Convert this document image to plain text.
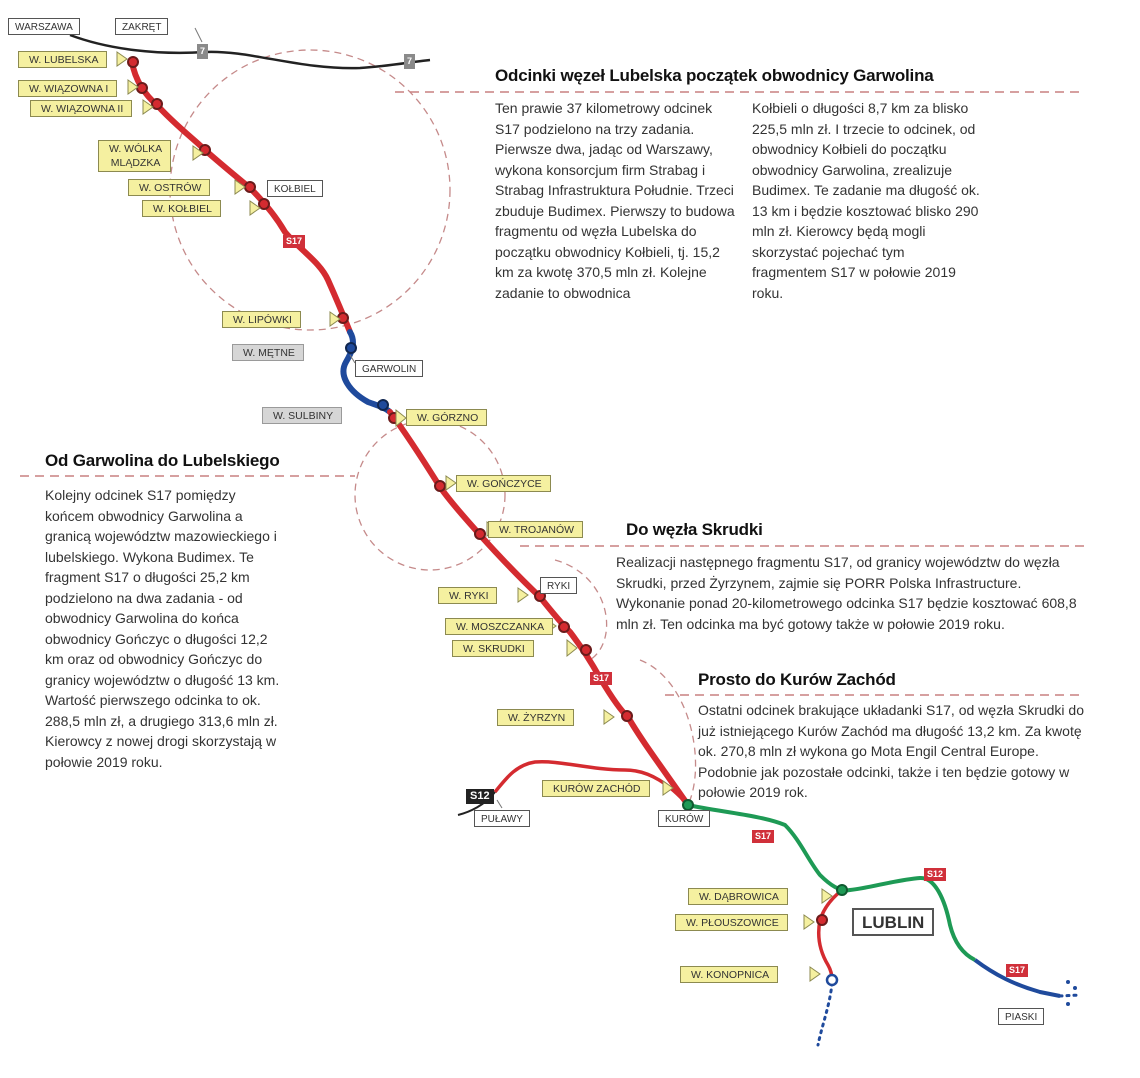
WARSZAWA	ZAKRĘT
KOŁBIEL
GARWOLIN
RYKI
PUŁAWY	KURÓW
LUBLIN
PIASKI
7
7
S17
S17
S17
S12
S17
S12
W. LUBELSKA
W. WIĄZOWNA I
W. WIĄZOWNA II
W. WÓLKA
MLĄDZKA
W. OSTRÓW
W. KOŁBIEL
W. LIPÓWKI
W. MĘTNE
W. SULBINY	W. GÓRZNO
W. GOŃCZYCE
W. TROJANÓW
W. RYKI
W. MOSZCZANKA
W. SKRUDKI
W. ŻYRZYN
KURÓW ZACHÓD
W. DĄBROWICA
W. PŁOUSZOWICE
W. KONOPNICA
Odcinki węzeł Lubelska początek obwodnicy Garwolina
Ten prawie 37 kilometrowy odcinek S17 podzielono na trzy zadania. Pierwsze dwa, jadąc od Warszawy, wykona konsorcjum firm Strabag i Strabag Infrastruktura Południe. Trzeci zbuduje Budimex. Pierwszy to budowa fragmentu od węzła Lubelska do początku obwodnicy Kołbieli, tj. 15,2 km za kwotę 370,5 mln zł. Kolejne zadanie to obwodnica
Kołbieli o długości 8,7 km za blisko 225,5 mln zł. I trzecie to odcinek, od obwodnicy Kołbieli do początku obwodnicy Garwolina, zrealizuje Budimex. Te zadanie ma długość ok. 13 km i będzie kosztować blisko 290 mln zł. Kierowcy będą mogli skorzystać pojechać tym fragmentem S17 w połowie 2019 roku.
Od Garwolina do Lubelskiego
Kolejny odcinek S17 pomiędzy końcem obwodnicy Garwolina a granicą województw mazowieckiego i lubelskiego. Wykona Budimex. Te fragment S17 o długości 25,2 km podzielono na dwa zadania - od obwodnicy Garwolina do końca obwodnicy Gończyc o długości 12,2 km oraz od obwodnicy Gończyc do granicy województw o długość 13 km. Wartość pierwszego odcinka to ok. 288,5 mln zł, a drugiego 313,6 mln zł. Kierowcy z nowej drogi skorzystają w połowie 2019 roku.
Do węzła Skrudki
Realizacji następnego fragmentu S17, od granicy województw do węzła Skrudki, przed Żyrzynem, zajmie się PORR Polska Infrastructure. Wykonanie ponad 20-kilometrowego odcinka S17 będzie kosztować 608,8 mln zł. Ten odcinka ma być gotowy także w połowie 2019 roku.
Prosto do Kurów Zachód
Ostatni odcinek brakujące układanki S17, od węzła Skrudki do już istniejącego Kurów Zachód ma długość 13,2 km. Za kwotę ok. 270,8 mln zł wykona go Mota Engil Central Europe. Podobnie jak pozostałe odcinki, także i ten będzie gotowy w połowie 2019 rok.
